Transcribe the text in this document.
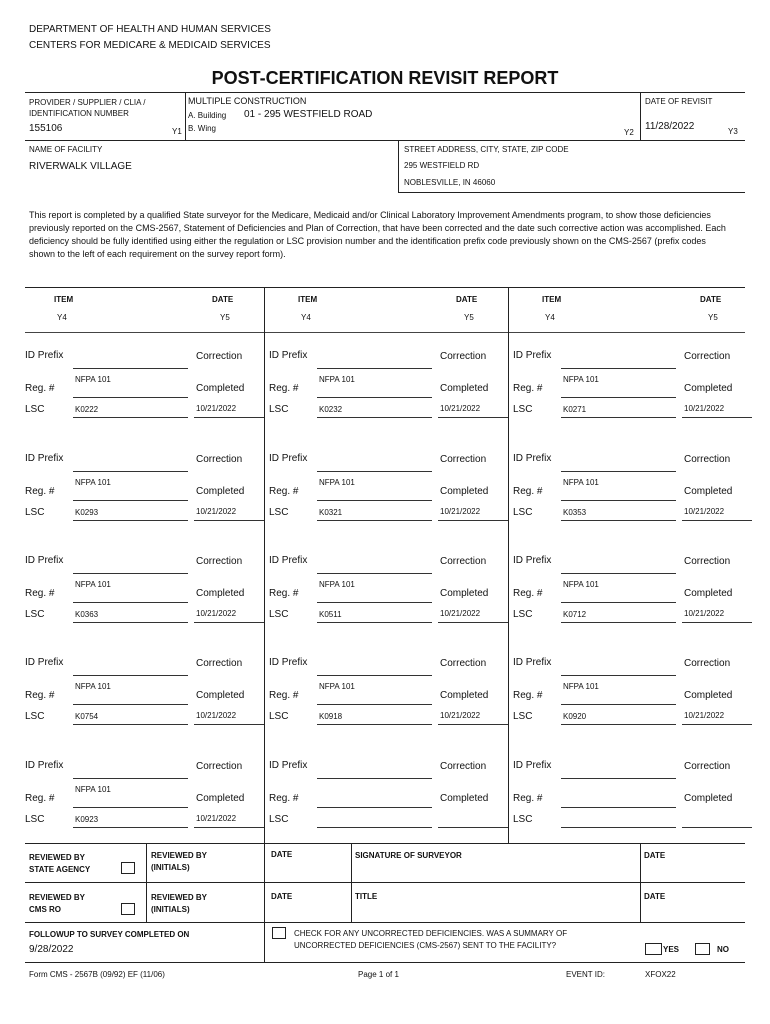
DEPARTMENT OF HEALTH AND HUMAN SERVICES
CENTERS FOR MEDICARE & MEDICAID SERVICES
POST-CERTIFICATION REVISIT REPORT
PROVIDER / SUPPLIER / CLIA / IDENTIFICATION NUMBER
155106	Y1
MULTIPLE CONSTRUCTION
A. Building 01 - 295 WESTFIELD ROAD
B. Wing	Y2
DATE OF REVISIT
11/28/2022	Y3
NAME OF FACILITY
RIVERWALK VILLAGE
STREET ADDRESS, CITY, STATE, ZIP CODE
295 WESTFIELD RD
NOBLESVILLE, IN 46060
This report is completed by a qualified State surveyor for the Medicare, Medicaid and/or Clinical Laboratory Improvement Amendments program, to show those deficiencies previously reported on the CMS-2567, Statement of Deficiencies and Plan of Correction, that have been corrected and the date such corrective action was accomplished. Each deficiency should be fully identified using either the regulation or LSC provision number and the identification prefix code previously shown on the CMS-2567 (prefix codes shown to the left of each requirement on the survey report form).
ITEM	DATE
Y4	Y5
ITEM	DATE
Y4	Y5
ITEM	DATE
Y4	Y5
ID Prefix	Correction
NFPA 101
Reg. #	Completed
LSC	K0222	10/21/2022
ID Prefix	Correction
NFPA 101
Reg. #	Completed
LSC	K0232	10/21/2022
ID Prefix	Correction
NFPA 101
Reg. #	Completed
LSC	K0271	10/21/2022
ID Prefix	Correction
NFPA 101
Reg. #	Completed
LSC	K0293	10/21/2022
ID Prefix	Correction
NFPA 101
Reg. #	Completed
LSC	K0321	10/21/2022
ID Prefix	Correction
NFPA 101
Reg. #	Completed
LSC	K0353	10/21/2022
ID Prefix	Correction
NFPA 101
Reg. #	Completed
LSC	K0363	10/21/2022
ID Prefix	Correction
NFPA 101
Reg. #	Completed
LSC	K0511	10/21/2022
ID Prefix	Correction
NFPA 101
Reg. #	Completed
LSC	K0712	10/21/2022
ID Prefix	Correction
NFPA 101
Reg. #	Completed
LSC	K0754	10/21/2022
ID Prefix	Correction
NFPA 101
Reg. #	Completed
LSC	K0918	10/21/2022
ID Prefix	Correction
NFPA 101
Reg. #	Completed
LSC	K0920	10/21/2022
ID Prefix	Correction
NFPA 101
Reg. #	Completed
LSC	K0923	10/21/2022
ID Prefix	Correction
Reg. #	Completed
LSC
ID Prefix	Correction
Reg. #	Completed
LSC
REVIEWED BY
STATE AGENCY
REVIEWED BY
(INITIALS)
DATE	SIGNATURE OF SURVEYOR	DATE
REVIEWED BY
CMS RO
REVIEWED BY
(INITIALS)
DATE	TITLE	DATE
FOLLOWUP TO SURVEY COMPLETED ON
9/28/2022
CHECK FOR ANY UNCORRECTED DEFICIENCIES. WAS A SUMMARY OF
UNCORRECTED DEFICIENCIES (CMS-2567) SENT TO THE FACILITY?	YES	NO
Form CMS - 2567B (09/92) EF (11/06)	Page 1 of 1	EVENT ID:	XFOX22
